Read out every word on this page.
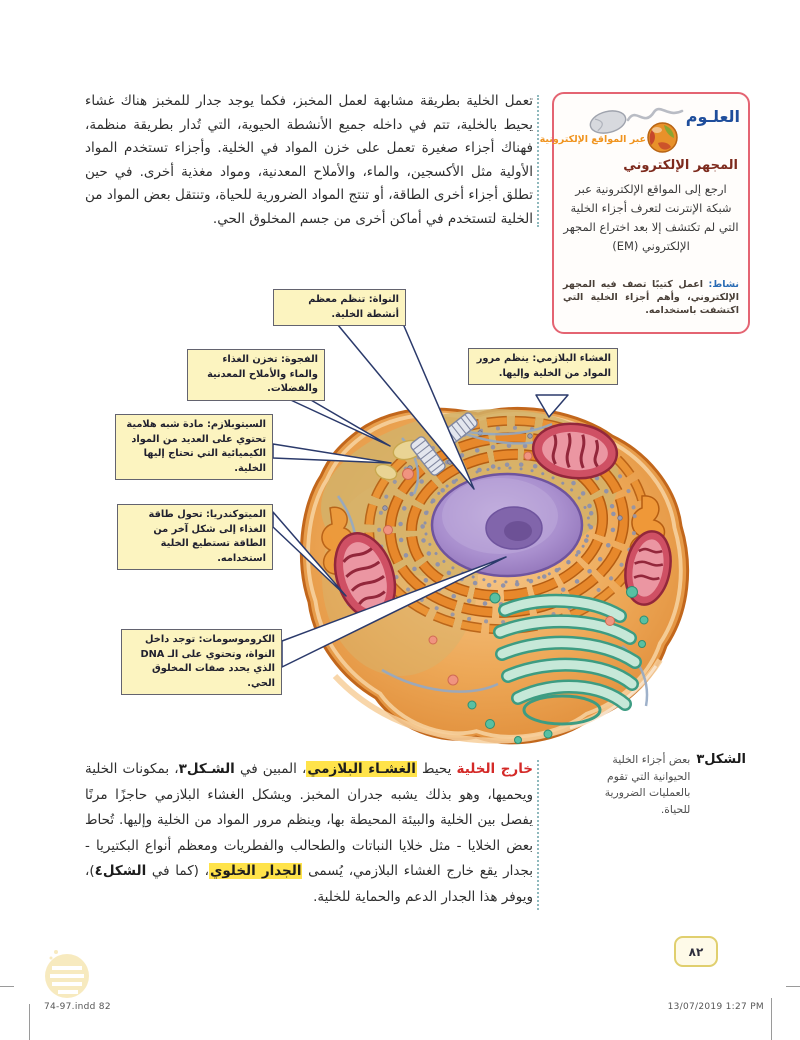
تعمل الخلية بطريقة مشابهة لعمل المخبز، فكما يوجد جدار للمخبز هناك غشاء يحيط بالخلية، تتم في داخله جميع الأنشطة الحيوية، التي تُدار بطريقة منظمة، فهناك أجزاء صغيرة تعمل على خزن المواد في الخلية. وأجزاء تستخدم المواد الأولية مثل الأكسجين، والماء، والأملاح المعدنية، ومواد مغذية أخرى. في حين تطلق أجزاء أخرى الطاقة، أو تنتج المواد الضرورية للحياة، وتنتقل بعض المواد من الخلية لتستخدم في أماكن أخرى من جسم المخلوق الحي.
العلـوم
عبر المواقع الإلكترونية
المجهر الإلكتروني
ارجع إلى المواقع الإلكترونية عبر شبكة الإنترنت لتعرف أجزاء الخلية التي لم تكتشف إلا بعد اختراع المجهر الإلكتروني (EM)
نشاط: اعمل كتيبًا تصف فيه المجهر الإلكتروني، وأهم أجزاء الخلية التي اكتشفت باستخدامه.
النواة: تنظم معظم أنشطة الخلية.
الفجوة: تخزن الغذاء والماء والأملاح المعدنية والفضلات.
الغشاء البلازمي: ينظم مرور المواد من الخلية وإليها.
السيتوبلازم: مادة شبه هلامية تحتوي على العديد من المواد الكيميائية التي تحتاج إليها الخلية.
الميتوكندريا: تحول طاقة الغذاء إلى شكل آخر من الطاقة تستطيع الخلية استخدامه.
الكروموسومات: توجد داخل النواة، وتحتوي على الـ DNA الذي يحدد صفات المخلوق الحي.
الشكل٣
بعض أجزاء الخلية الحيوانية التي تقوم بالعمليات الضرورية للحياة.
خارج الخلية يحيط الغشـاء البلازمي، المبين في الشـكل٣، بمكونات الخلية ويحميها، وهو بذلك يشبه جدران المخبز. ويشكل الغشاء البلازمي حاجزًا مرنًا يفصل بين الخلية والبيئة المحيطة بها، وينظم مرور المواد من الخلية وإليها. تُحاط بعض الخلايا - مثل خلايا النباتات والطحالب والفطريات ومعظم أنواع البكتيريا - بجدار يقع خارج الغشاء البلازمي، يُسمى الجدار الخلوي، (كما في الشكل٤)، ويوفر هذا الجدار الدعم والحماية للخلية.
٨٢
74-97.indd 82	13/07/2019 1:27 PM
